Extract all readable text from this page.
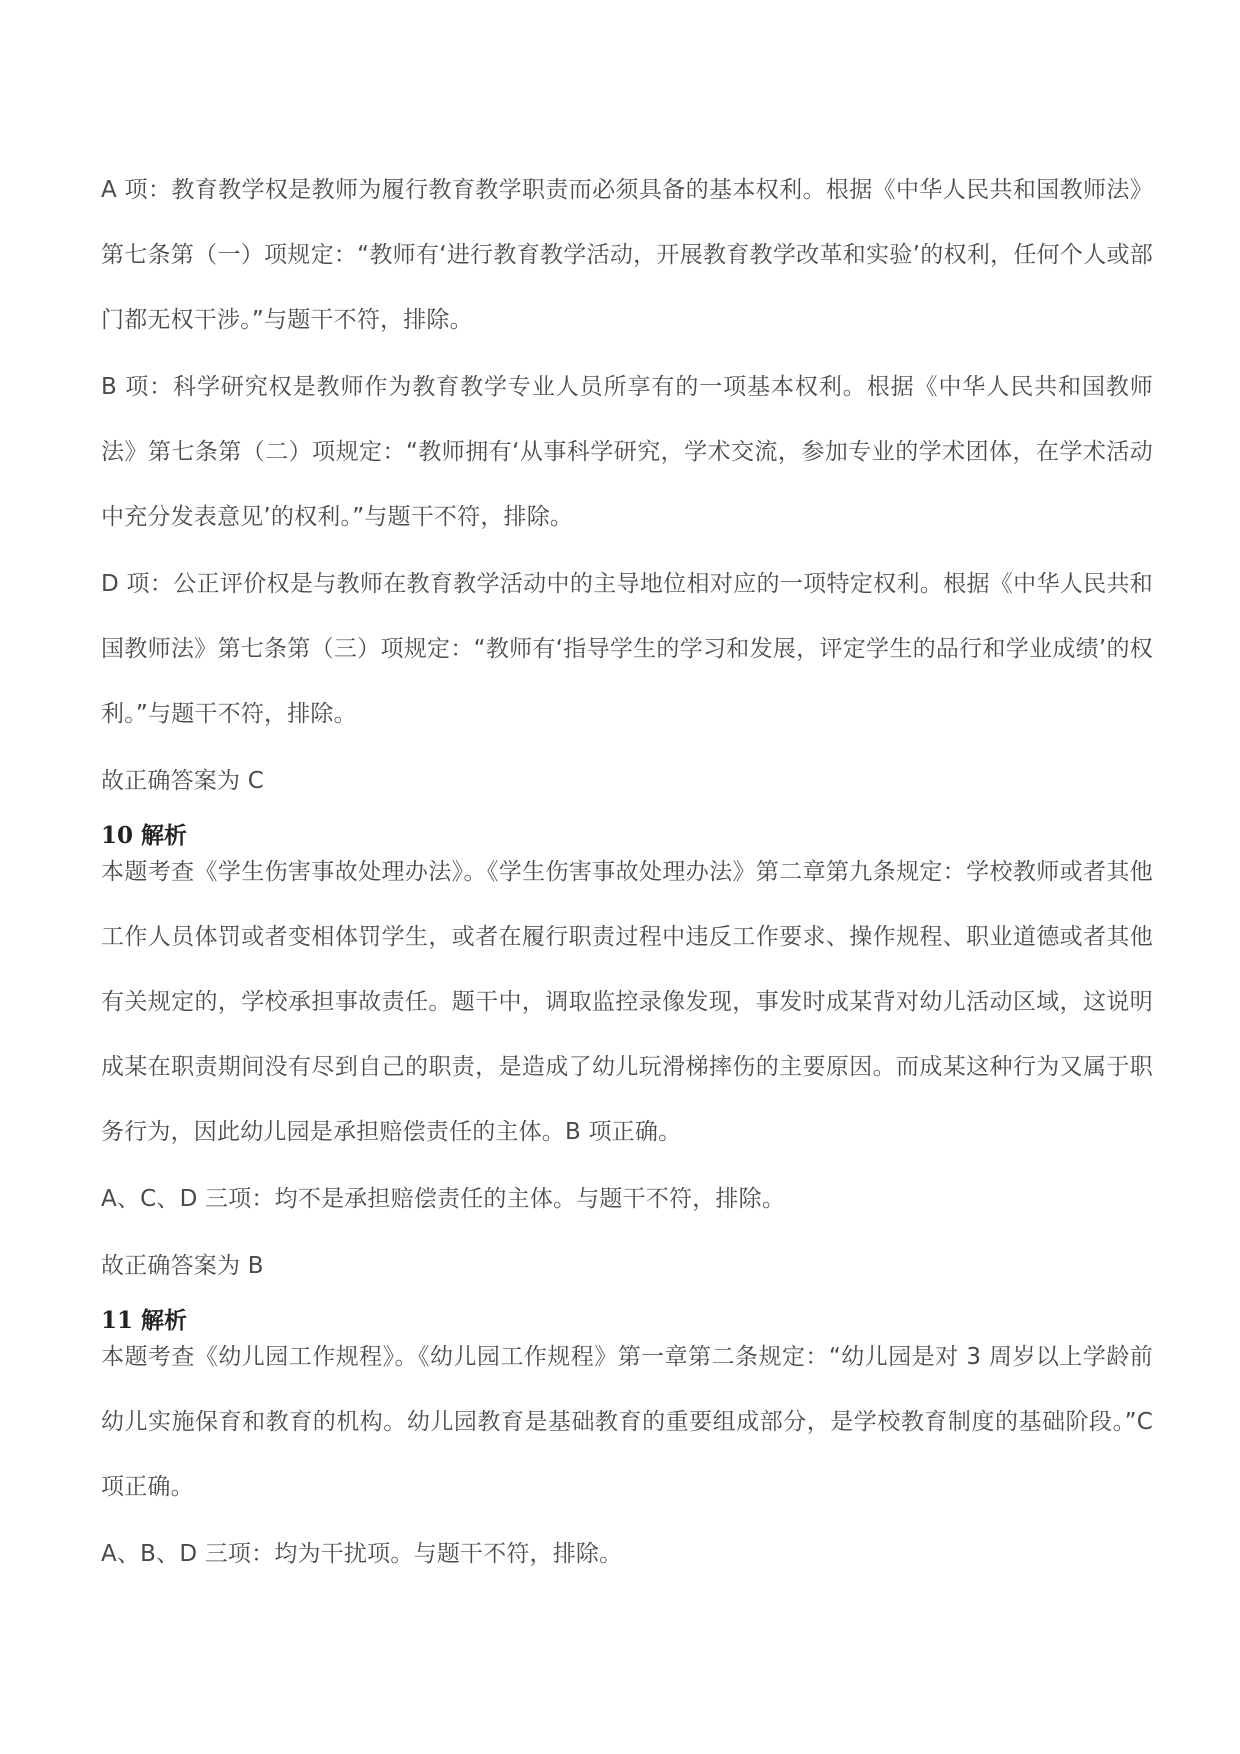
A 项：教育教学权是教师为履行教育教学职责而必须具备的基本权利。根据《中华人民共和国教师法》第七条第（一）项规定：“教师有‘进行教育教学活动，开展教育教学改革和实验’的权利，任何个人或部门都无权干涉。”与题干不符，排除。

B 项：科学研究权是教师作为教育教学专业人员所享有的一项基本权利。根据《中华人民共和国教师法》第七条第（二）项规定：“教师拥有‘从事科学研究，学术交流，参加专业的学术团体，在学术活动中充分发表意见’的权利。”与题干不符，排除。

D 项：公正评价权是与教师在教育教学活动中的主导地位相对应的一项特定权利。根据《中华人民共和国教师法》第七条第（三）项规定：“教师有‘指导学生的学习和发展，评定学生的品行和学业成绩’的权利。”与题干不符，排除。

故正确答案为 C

10 解析

本题考查《学生伤害事故处理办法》。《学生伤害事故处理办法》第二章第九条规定：学校教师或者其他工作人员体罚或者变相体罚学生，或者在履行职责过程中违反工作要求、操作规程、职业道德或者其他有关规定的，学校承担事故责任。题干中，调取监控录像发现，事发时成某背对幼儿活动区域，这说明成某在职责期间没有尽到自己的职责，是造成了幼儿玩滑梯摔伤的主要原因。而成某这种行为又属于职务行为，因此幼儿园是承担赔偿责任的主体。B 项正确。

A、C、D 三项：均不是承担赔偿责任的主体。与题干不符，排除。

故正确答案为 B

11 解析

本题考查《幼儿园工作规程》。《幼儿园工作规程》第一章第二条规定：“幼儿园是对 3 周岁以上学龄前幼儿实施保育和教育的机构。幼儿园教育是基础教育的重要组成部分，是学校教育制度的基础阶段。”C 项正确。

A、B、D 三项：均为干扰项。与题干不符，排除。
